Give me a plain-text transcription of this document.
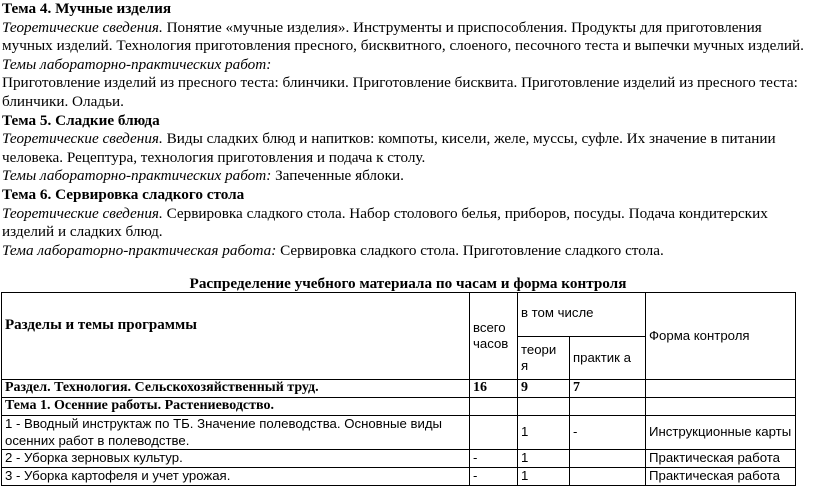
Тема 4. Мучные изделия

Теоретические сведения. Понятие «мучные изделия». Инструменты и приспособления. Продукты для приготовления мучных изделий. Технология приготовления пресного, бисквитного, слоеного, песочного теста и выпечки мучных изделий.

Темы лабораторно-практических работ:

Приготовление изделий из пресного теста: блинчики. Приготовление бисквита. Приготовление изделий из пресного теста: блинчики. Оладьи.

Тема 5. Сладкие блюда

Теоретические сведения. Виды сладких блюд и напитков: компоты, кисели, желе, муссы, суфле. Их значение в питании человека. Рецептура, технология приготовления и подача к столу.

Темы лабораторно-практических работ: Запеченные яблоки.

Тема 6. Сервировка сладкого стола

Теоретические сведения. Сервировка сладкого стола. Набор столового белья, приборов, посуды. Подача кондитерских изделий и сладких блюд.

Тема лабораторно-практическая работа: Сервировка сладкого стола. Приготовление сладкого стола.

Распределение учебного материала по часам и форма контроля
Разделы и темы программы	всего часов	в том числе		Форма контроля
		теори я	практик а	
Раздел. Технология. Сельскохозяйственный труд.	16	9	7	
Тема 1. Осенние работы. Растениеводство.				
1 - Вводный инструктаж по ТБ. Значение полеводства. Основные виды осенних работ в полеводстве.		1	-	Инструкционные карты
2 - Уборка зерновых культур.	-	1		Практическая работа
3 - Уборка картофеля и учет урожая.	-	1		Практическая работа
